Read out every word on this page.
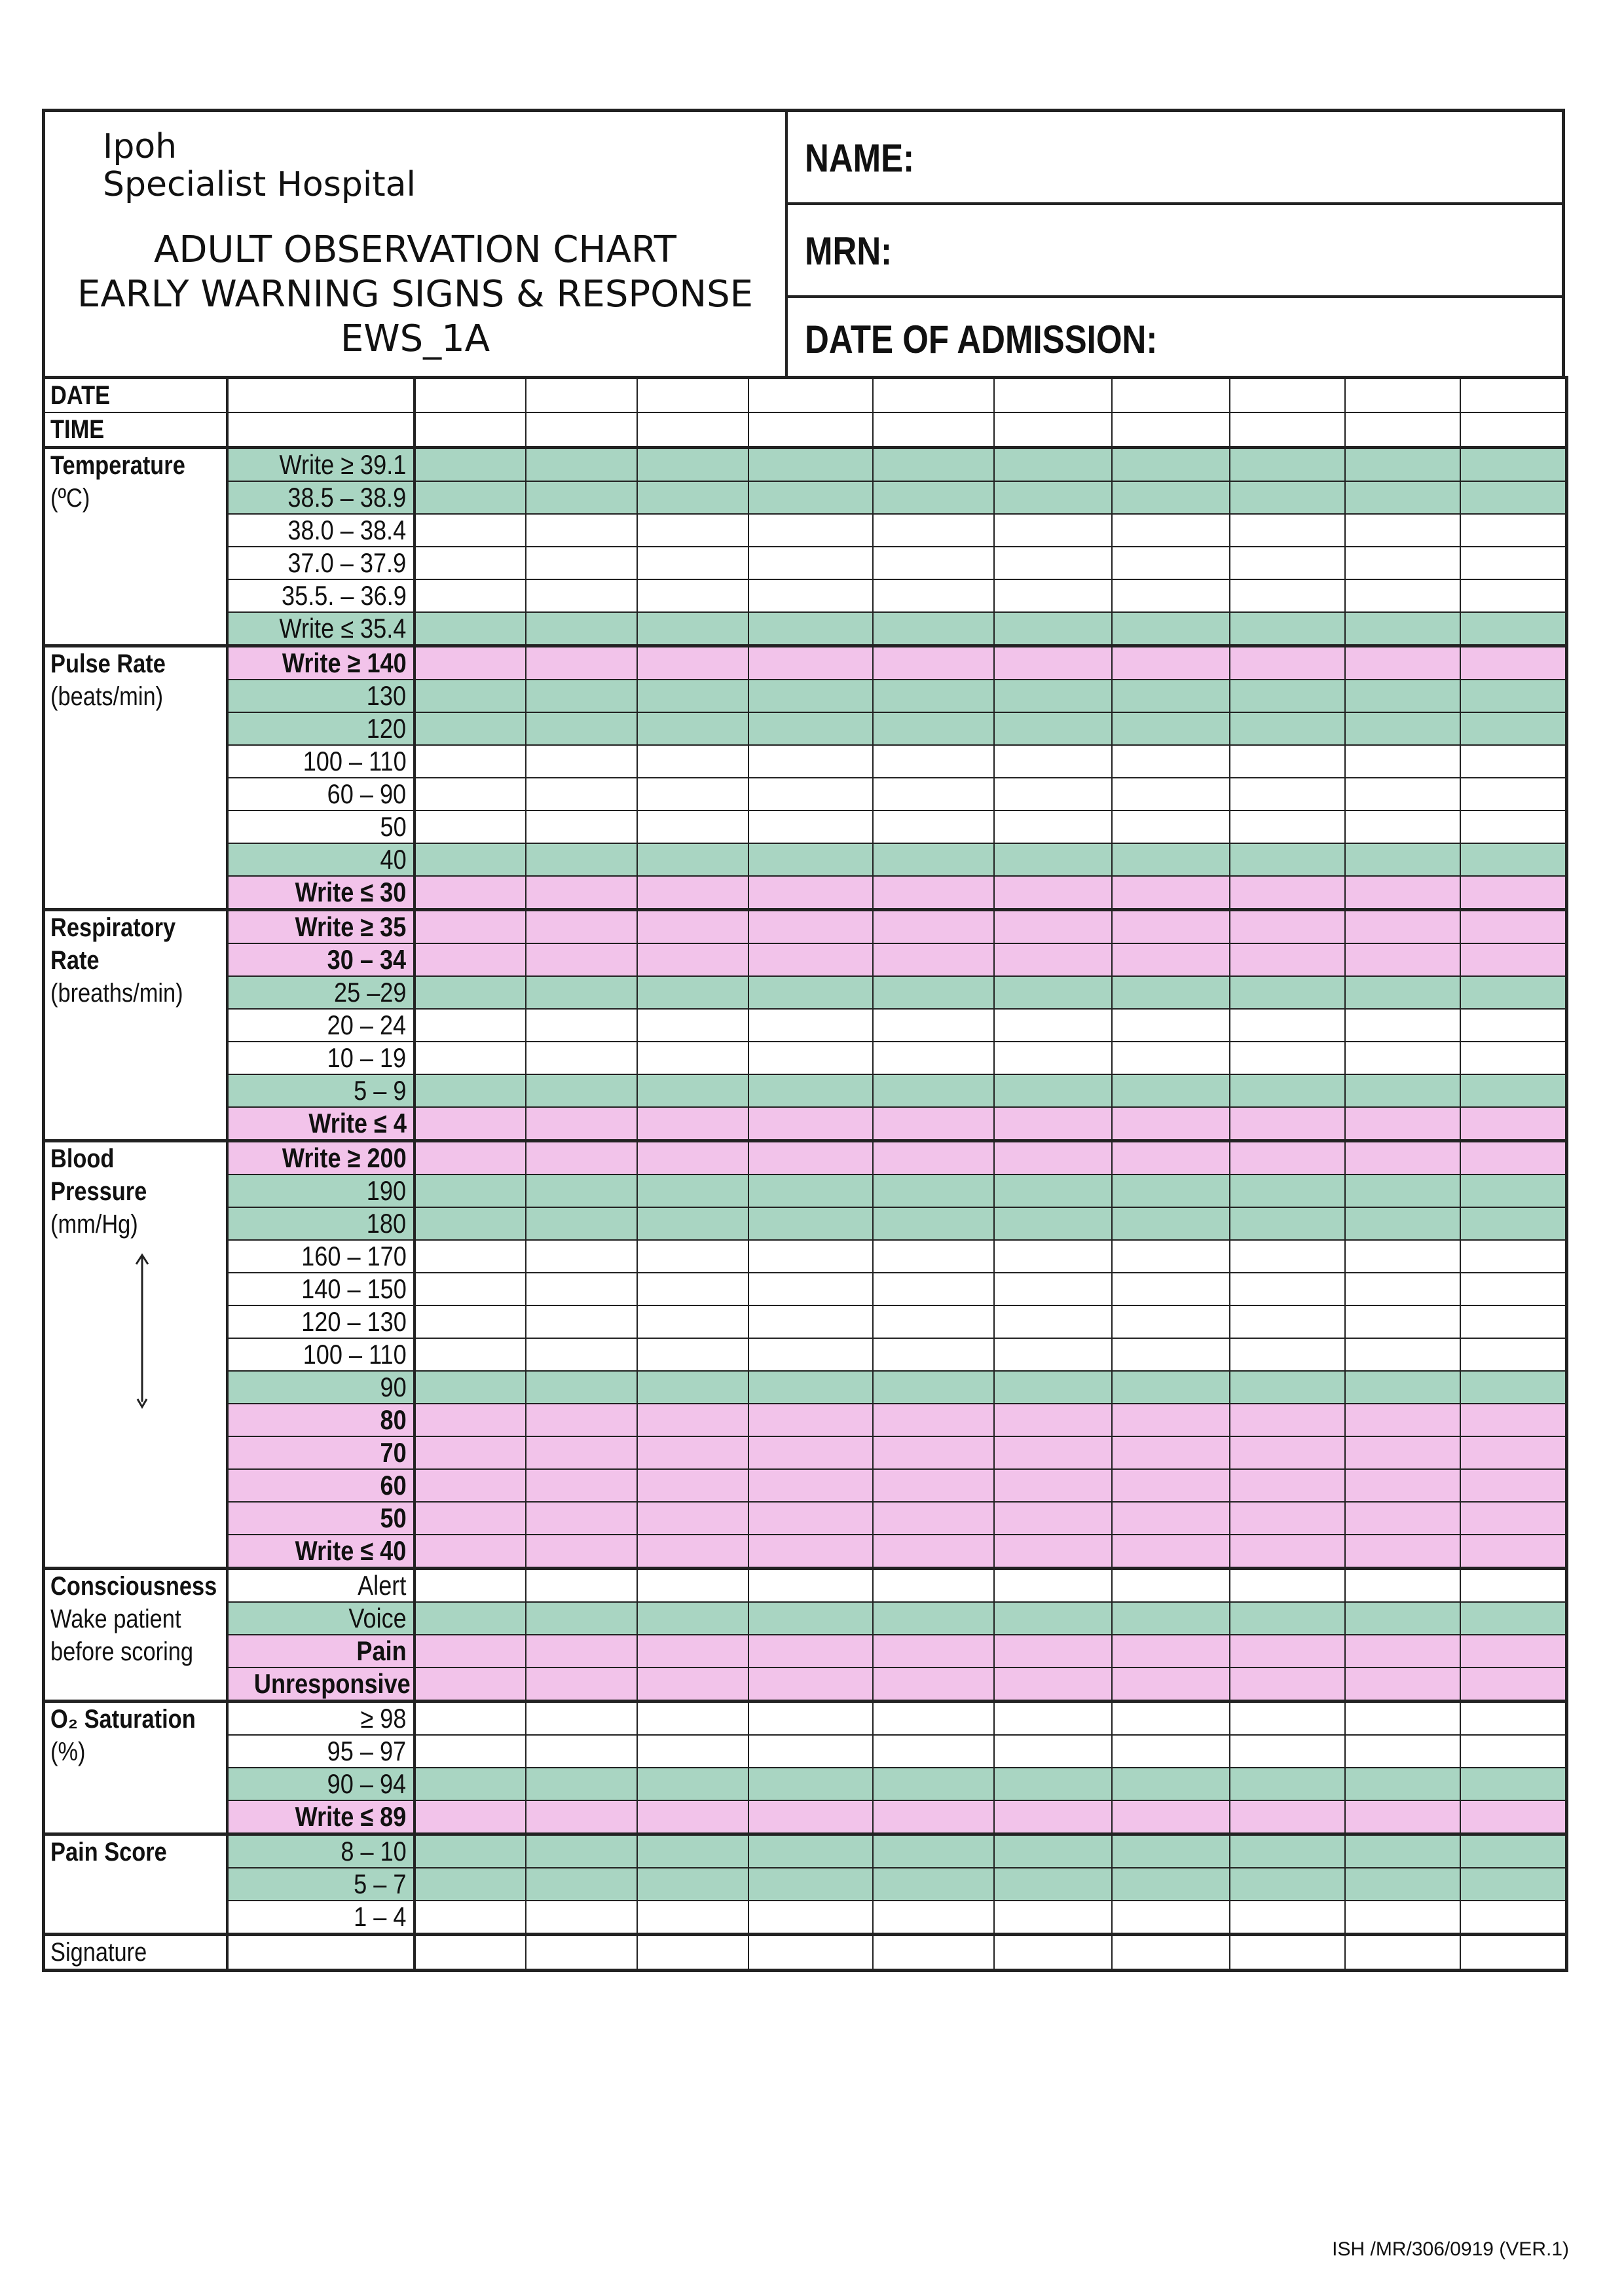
Ipoh
Specialist Hospital
ADULT OBSERVATION CHART
EARLY WARNING SIGNS & RESPONSE
EWS_1A
NAME:
MRN:
DATE OF ADMISSION:
DATE											

TIME											

Temperature
(ºC)	Write ≥ 39.1										
	38.5 – 38.9										
	38.0 – 38.4										
	37.0 – 37.9										
	35.5. – 36.9										
	Write ≤ 35.4										

Pulse Rate
(beats/min)	Write ≥ 140										
	130										
	120										
	100 – 110										
	60 – 90										
	50										
	40										
	Write ≤ 30										

Respiratory
Rate
(breaths/min)	Write ≥ 35										
	30 – 34										
	25 –29										
	20 – 24										
	10 – 19										
	5 – 9										
	Write ≤ 4										

Blood
Pressure
(mm/Hg)	Write ≥ 200										
	190										
	180										
	160 – 170										
	140 – 150										
	120 – 130										
	100 – 110										
	90										
	80										
	70										
	60										
	50										
	Write ≤ 40										

Consciousness
Wake patient
before scoring	Alert										
	Voice										
	Pain										
	Unresponsive										

O₂ Saturation
(%)	≥ 98										
	95 – 97										
	90 – 94										
	Write ≤ 89										

Pain Score	8 – 10										
	5 – 7										
	1 – 4										

Signature											

ISH /MR/306/0919 (VER.1)
